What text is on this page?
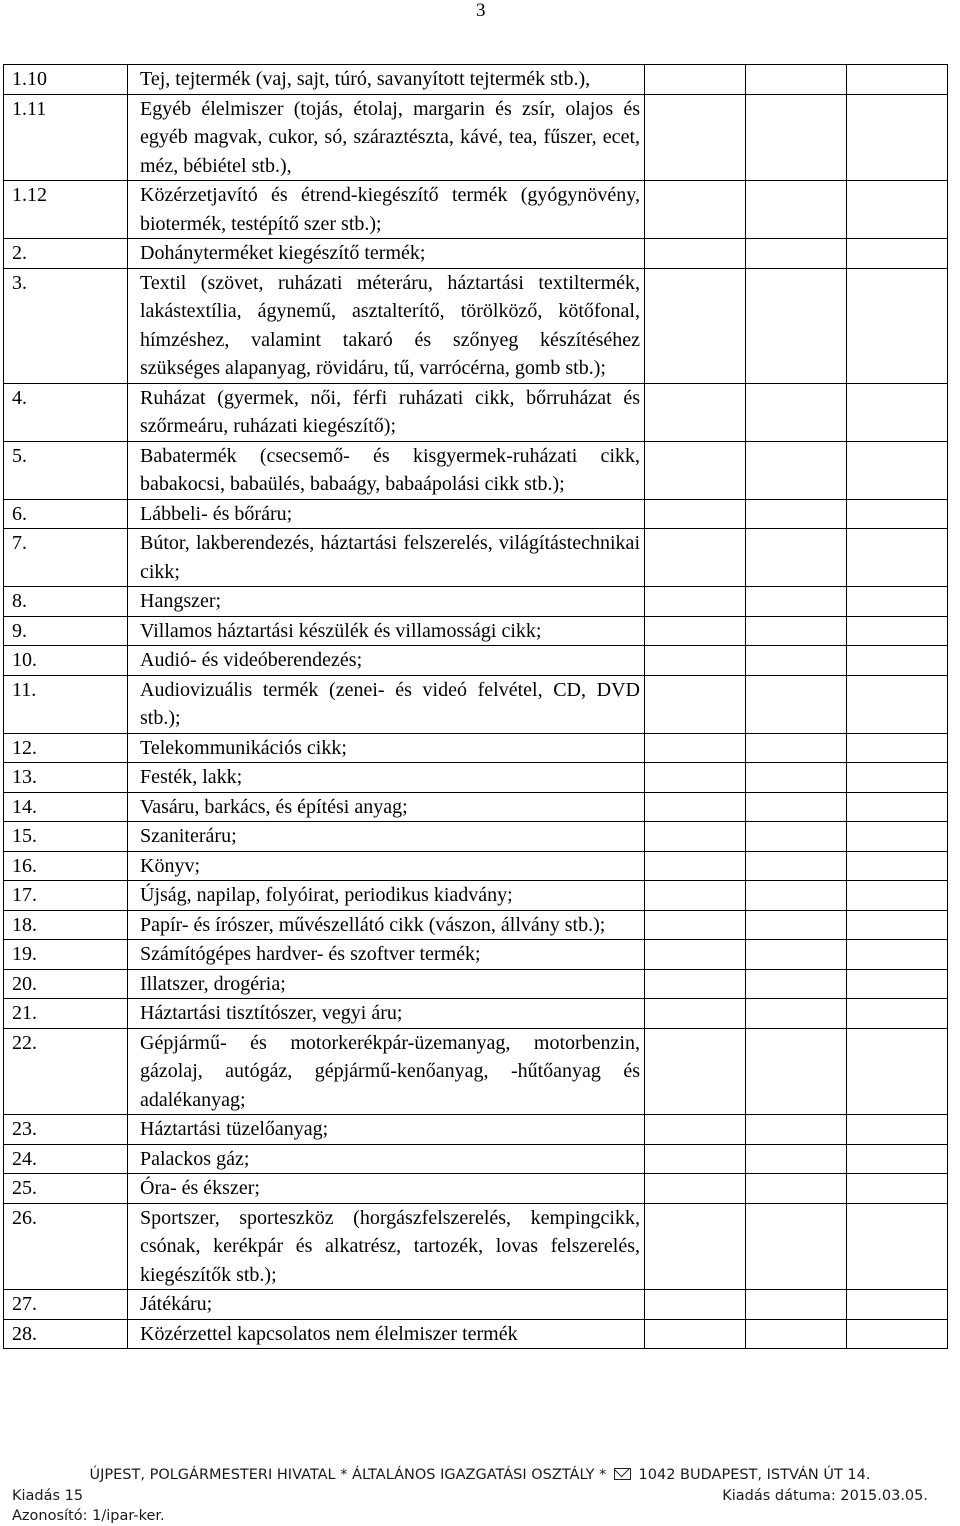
3
1.10	Tej, tejtermék (vaj, sajt, túró, savanyított tejtermék stb.),			
1.11	Egyéb élelmiszer (tojás, étolaj, margarin és zsír, olajos és egyéb magvak, cukor, só, száraztészta, kávé, tea, fűszer, ecet, méz, bébiétel stb.),			
1.12	Közérzetjavító és étrend-kiegészítő termék (gyógynövény, biotermék, testépítő szer stb.);			
2.	Dohányterméket kiegészítő termék;			
3.	Textil (szövet, ruházati méteráru, háztartási textiltermék, lakástextília, ágynemű, asztalterítő, törölköző, kötőfonal, hímzéshez, valamint takaró és szőnyeg készítéséhez szükséges alapanyag, rövidáru, tű, varrócérna, gomb stb.);			
4.	Ruházat (gyermek, női, férfi ruházati cikk, bőrruházat és szőrmeáru, ruházati kiegészítő);			
5.	Babatermék (csecsemő- és kisgyermek-ruházati cikk, babakocsi, babaülés, babaágy, babaápolási cikk stb.);			
6.	Lábbeli- és bőráru;			
7.	Bútor, lakberendezés, háztartási felszerelés, világítástechnikai cikk;			
8.	Hangszer;			
9.	Villamos háztartási készülék és villamossági cikk;			
10.	Audió- és videóberendezés;			
11.	Audiovizuális termék (zenei- és videó felvétel, CD, DVD stb.);			
12.	Telekommunikációs cikk;			
13.	Festék, lakk;			
14.	Vasáru, barkács, és építési anyag;			
15.	Szaniteráru;			
16.	Könyv;			
17.	Újság, napilap, folyóirat, periodikus kiadvány;			
18.	Papír- és írószer, művészellátó cikk (vászon, állvány stb.);			
19.	Számítógépes hardver- és szoftver termék;			
20.	Illatszer, drogéria;			
21.	Háztartási tisztítószer, vegyi áru;			
22.	Gépjármű- és motorkerékpár-üzemanyag, motorbenzin, gázolaj, autógáz, gépjármű-kenőanyag, -hűtőanyag és adalékanyag;			
23.	Háztartási tüzelőanyag;			
24.	Palackos gáz;			
25.	Óra- és ékszer;			
26.	Sportszer, sporteszköz (horgászfelszerelés, kempingcikk, csónak, kerékpár és alkatrész, tartozék, lovas felszerelés, kiegészítők stb.);			
27.	Játékáru;			
28.	Közérzettel kapcsolatos nem élelmiszer termék			
ÚJPEST, POLGÁRMESTERI HIVATAL * ÁLTALÁNOS IGAZGATÁSI OSZTÁLY * 1042 BUDAPEST, ISTVÁN ÚT 14.
Kiadás 15	Kiadás dátuma: 2015.03.05.
Azonosító: 1/ipar-ker.
